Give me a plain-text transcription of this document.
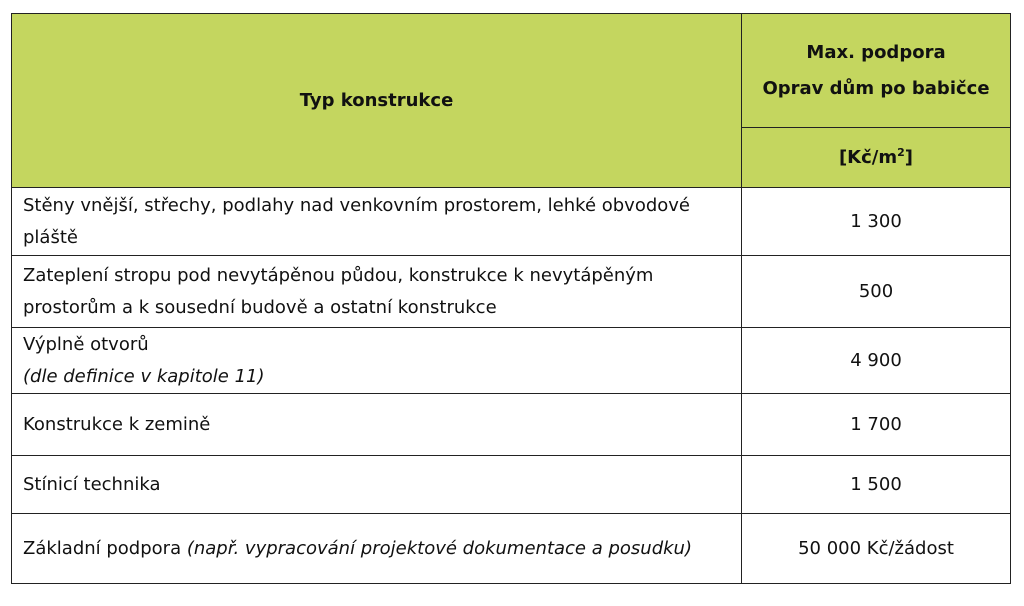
Typ konstrukce	Max. podpora
Oprav dům po babičce

	$[Kč/m^2]$
Stěny vnější, střechy, podlahy nad venkovním prostorem, lehké obvodové pláště	1 300
Zateplení stropu pod nevytápěnou půdou, konstrukce k nevytápěným prostorům a k sousední budově a ostatní konstrukce	500
Výplně otvorů
(dle definice v kapitole 11)	4 900
Konstrukce k zemině	1 700
Stínicí technika	1 500
Základní podpora (např. vypracování projektové dokumentace a posudku)	50 000 Kč/žádost
